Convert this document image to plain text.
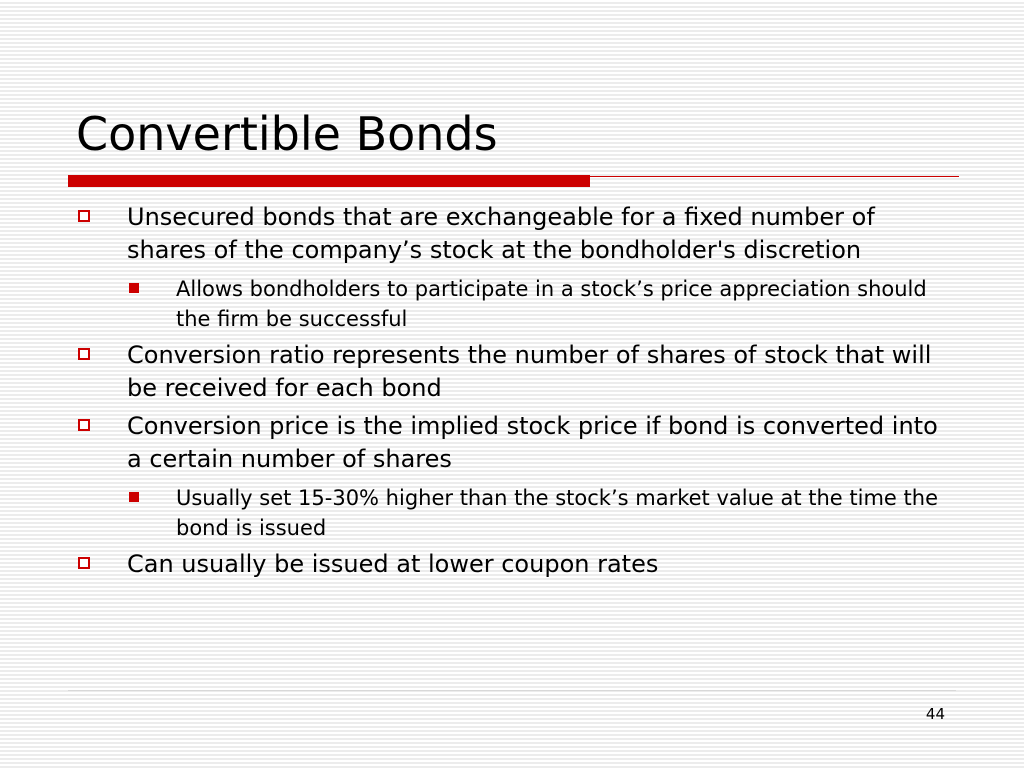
Convertible Bonds
Unsecured bonds that are exchangeable for a fixed number of shares of the company’s stock at the bondholder's discretion
Allows bondholders to participate in a stock’s price appreciation should the firm be successful
Conversion ratio represents the number of shares of stock that will be received for each bond
Conversion price is the implied stock price if bond is converted into a certain number of shares
Usually set 15-30% higher than the stock’s market value at the time the bond is issued
Can usually be issued at lower coupon rates
44
